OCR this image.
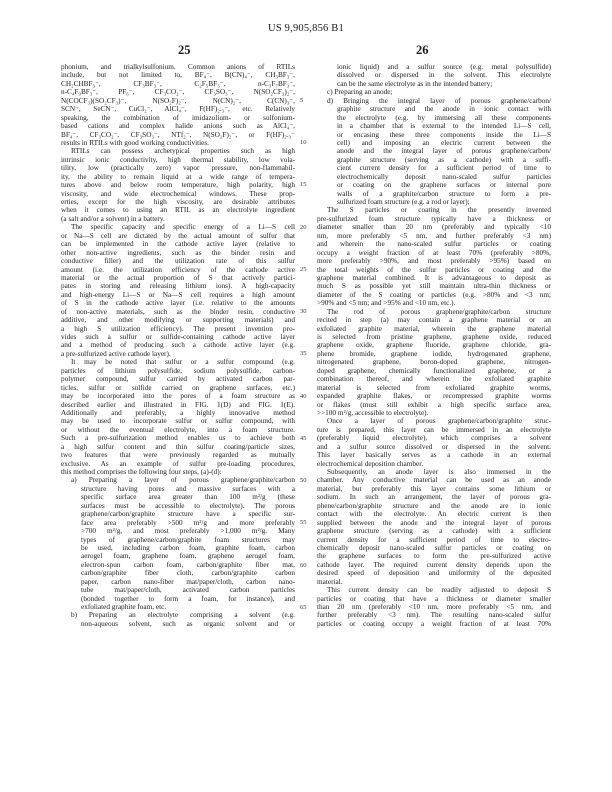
US 9,905,856 B1
25	26
phonium, and trialkylsulfonium. Common anions of RTILs
include, but not limited to, BF₄⁻, B(CN)₄⁻, CH₃BF₃⁻,
CH₂CHBF₃⁻, CF₃BF₃⁻, C₂F₅BF₃⁻, n-C₃F₇BF₃⁻,
n-C₄F₉BF₃⁻, PF₆⁻, CF₃CO₂⁻, CF₃SO₃⁻, N(SO₂CF₃)₂⁻,
N(COCF₃)(SO₂CF₃)⁻, N(SO₂F)₂⁻, N(CN)₂⁻, C(CN)₃⁻,
SCN⁻, SeCN⁻, CuCl₂⁻, AlCl₄⁻, F(HF)₂.₃⁻, etc. Relatively
speaking, the combination of imidazolium- or sulfonium-
based cations and complex halide anions such as AlCl₄⁻,
BF₄⁻, CF₃CO₂⁻, CF₃SO₃⁻, NTf₂⁻, N(SO₂F)₂⁻, or F(HF)₂.₃⁻
results in RTILs with good working conductivities.
RTILs can possess archetypical properties such as high
intrinsic ionic conductivity, high thermal stability, low vola-
tility, low (practically zero) vapor pressure, non-flammabil-
ity, the ability to remain liquid at a wide range of tempera-
tures above and below room temperature, high polarity, high
viscosity, and wide electrochemical windows. These prop-
erties, except for the high viscosity, are desirable attributes
when it comes to using an RTIL as an electrolyte ingredient
(a salt and/or a solvent) in a battery.
The specific capacity and specific energy of a Li—S cell
or Na—S cell are dictated by the actual amount of sulfur that
can be implemented in the cathode active layer (relative to
other non-active ingredients, such as the binder resin and
conductive filler) and the utilization rate of this sulfur
amount (i.e. the utilization efficiency of the cathode active
material or the actual proportion of S that actively partici-
pates in storing and releasing lithium ions). A high-capacity
and high-energy Li—S or Na—S cell requires a high amount
of S in the cathode active layer (i.e. relative to the amounts
of non-active materials, such as the binder resin, conductive
additive, and other modifying or supporting materials) and
a high S utilization efficiency). The present invention pro-
vides such a sulfur or sulfide-containing cathode active layer
and a method of producing such a cathode active layer (e.g.
a pre-sulfurized active cathode layer).
It may be noted that sulfur or a sulfur compound (e.g.
particles of lithium polysulfide, sodium polysulfide, carbon-
polymer compound, sulfur carried by activated carbon par-
ticles, sulfur or sulfide carried on graphene surfaces, etc.)
may be incorporated into the pores of a foam structure as
described earlier and illustrated in FIG. 1(D) and FIG. 1(E).
Additionally and preferably, a highly innovative method
may be used to incorporate sulfur or sulfur compound, with
or without the eventual electrolyte, into a foam structure.
Such a pre-sulfurization method enables us to achieve both
a high sulfur content and thin sulfur coating/particle sizes,
two features that were previously regarded as mutually
exclusive. As an example of sulfur pre-loading procedures,
this method comprises the following four steps, (a)-(d):
a) Preparing a layer of porous graphene/graphite/carbon
structure having pores and massive surfaces with a
specific surface area greater than 100 m²/g (these
surfaces must be accessible to electrolyte). The porous
graphene/carbon/graphite structure have a specific sur-
face area preferably >500 m²/g and more preferably
>700 m²/g, and most preferably >1,000 m²/g. Many
types of graphene/carbon/graphite foam structures may
be used, including carbon foam, graphite foam, carbon
aerogel foam, graphene foam, graphene aerogel foam,
electron-spun carbon foam, carbon/graphite fiber mat,
carbon/graphite fiber cloth, carbon/graphite carbon
paper, carbon nano-fiber mat/paper/cloth, carbon nano-
tube mat/paper/cloth, activated carbon particles
(bonded together to form a foam, for instance), and
exfoliated graphite foam, etc.
b) Preparing an electrolyte comprising a solvent (e.g.
non-aqueous solvent, such as organic solvent and or
ionic liquid) and a sulfur source (e.g. metal polysulfide)
dissolved or dispersed in the solvent. This electrolyte
can be the same electrolyte as in the intended battery;
c) Preparing an anode;
d) Bringing the integral layer of porous graphene/carbon/
graphite structure and the anode in ionic contact with
the electrolyte (e.g. by immersing all these components
in a chamber that is external to the intended Li—S cell,
or encasing these three components inside the Li—S
cell) and imposing an electric current between the
anode and the integral layer of porous graphene/carbon/
graphite structure (serving as a cathode) with a suffi-
cient current density for a sufficient period of time to
electrochemically deposit nano-scaled sulfur particles
or coating on the graphene surfaces or internal pore
walls of a graphite/carbon structure to form a pre-
sulfurized foam structure (e.g. a rod or layer);
The S particles or coating in the presently invented
pre-sulfurized foam structure typically have a thickness or
diameter smaller than 20 nm (preferably and typically <10
nm, more preferably <5 nm, and further preferably <3 nm)
and wherein the nano-scaled sulfur particles or coating
occupy a weight fraction of at least 70% (preferably >80%,
more preferably >90%, and most preferably >95%) based on
the total weights of the sulfur particles or coating and the
graphene material combined. It is advantageous to deposit as
much S as possible yet still maintain ultra-thin thickness or
diameter of the S coating or particles (e.g. >80% and <3 nm;
>90% and <5 nm; and >95% and <10 nm, etc.).
The rod of porous graphene/graphite/carbon structure
recited in step (a) may contain a graphene material or an
exfoliated graphite material, wherein the graphene material
is selected from pristine graphene, graphene oxide, reduced
graphene oxide, graphene fluoride, graphene chloride, gra-
phene bromide, graphene iodide, hydrogenated graphene,
nitrogenated graphene, boron-doped graphene, nitrogen-
doped graphene, chemically functionalized graphene, or a
combination thereof, and wherein the exfoliated graphite
material is selected from exfoliated graphite worms,
expanded graphite flakes, or recompressed graphite worms
or flakes (must still exhibit a high specific surface area,
>>100 m²/g, accessible to electrolyte).
Once a layer of porous graphene/carbon/graphite struc-
ture is prepared, this layer can be immersed in an electrolyte
(preferably liquid electrolyte), which comprises a solvent
and a sulfur source dissolved or dispersed in the solvent.
This layer basically serves as a cathode in an external
electrochemical deposition chamber.
Subsequently, an anode layer is also immersed in the
chamber. Any conductive material can be used as an anode
material, but preferably this layer contains some lithium or
sodium. In such an arrangement, the layer of porous gra-
phene/carbon/graphite structure and the anode are in ionic
contact with the electrolyte. An electric current is then
supplied between the anode and the integral layer of porous
graphene structure (serving as a cathode) with a sufficient
current density for a sufficient period of time to electro-
chemically deposit nano-scaled sulfur particles or coating on
the graphene surfaces to form the pre-sulfurized active
cathode layer. The required current density depends upon the
desired speed of deposition and uniformity of the deposited
material.
This current density can be readily adjusted to deposit S
particles or coating that have a thickness or diameter smaller
than 20 nm (preferably <10 nm, more preferably <5 nm, and
further preferably <3 nm). The resulting nano-scaled sulfur
particles or coating occupy a weight fraction of at least 70%
5
10
15
20
25
30
35
40
45
50
55
60
65
